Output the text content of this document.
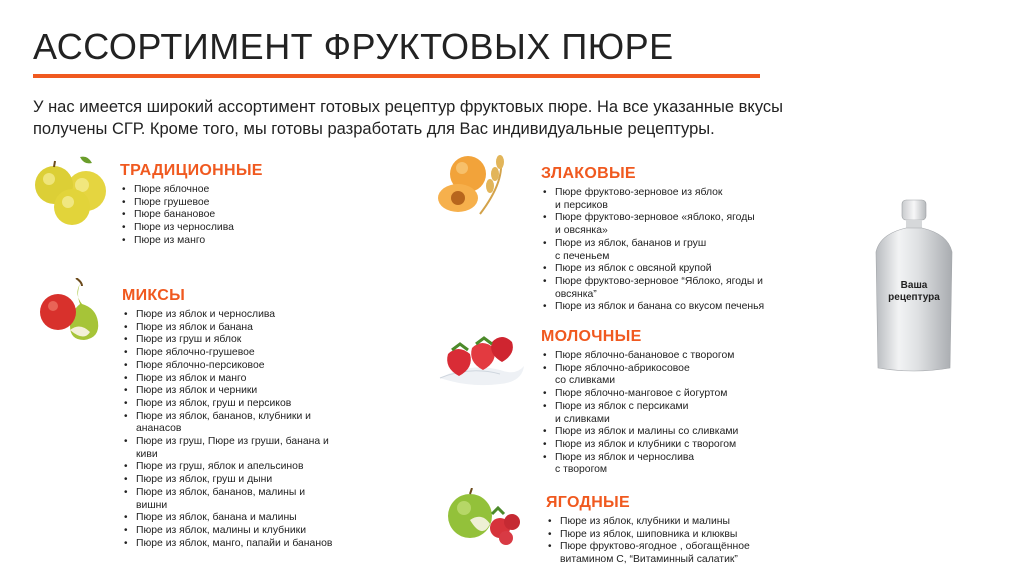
АССОРТИМЕНТ ФРУКТОВЫХ ПЮРЕ
У нас имеется широкий ассортимент готовых рецептур фруктовых пюре. На все указанные вкусы
получены СГР. Кроме того, мы готовы разработать для Вас индивидуальные рецептуры.
ТРАДИЦИОННЫЕ
• Пюре яблочное
• Пюре грушевое
• Пюре банановое
• Пюре из чернослива
• Пюре из манго
МИКСЫ
• Пюре из яблок и чернослива
• Пюре из яблок и банана
• Пюре из груш и яблок
• Пюре яблочно-грушевое
• Пюре яблочно-персиковое
• Пюре из яблок и манго
• Пюре из яблок и черники
• Пюре из яблок, груш и персиков
• Пюре из яблок, бананов, клубники и
ананасов
• Пюре из груш, Пюре из груши, банана и
киви
• Пюре из груш, яблок и апельсинов
• Пюре из яблок, груш и дыни
• Пюре из яблок, бананов, малины и
вишни
• Пюре из яблок, банана и малины
• Пюре из яблок, малины и клубники
• Пюре из яблок, манго, папайи и бананов
ЗЛАКОВЫЕ
• Пюре фруктово-зерновое из яблок
и персиков
• Пюре фруктово-зерновое «яблоко, ягоды
и овсянка»
• Пюре из яблок, бананов и груш
с печеньем
• Пюре из яблок с овсяной крупой
• Пюре фруктово-зерновое “Яблоко, ягоды и
овсянка”
• Пюре из яблок и банана со вкусом печенья
МОЛОЧНЫЕ
• Пюре яблочно-банановое с творогом
• Пюре яблочно-абрикосовое
со сливками
• Пюре яблочно-манговое с йогуртом
• Пюре из яблок с персиками
и сливками
• Пюре из яблок и малины со сливками
• Пюре из яблок и клубники с творогом
• Пюре из яблок и чернослива
с творогом
ЯГОДНЫЕ
• Пюре из яблок, клубники и малины
• Пюре из яблок, шиповника и клюквы
• Пюре фруктово-ягодное , обогащённое
витамином С, “Витаминный салатик”
Ваша
рецептура
